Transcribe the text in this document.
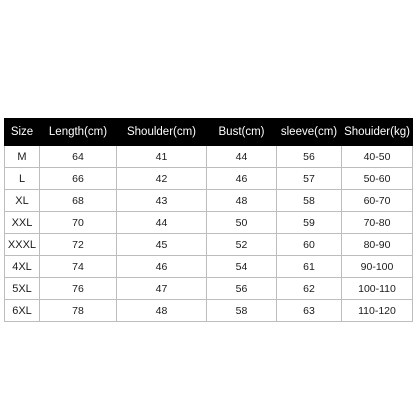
Size	Length(cm)	Shoulder(cm)	Bust(cm)	sleeve(cm)	Shouider(kg)
M	64	41	44	56	40-50
L	66	42	46	57	50-60
XL	68	43	48	58	60-70
XXL	70	44	50	59	70-80
XXXL	72	45	52	60	80-90
4XL	74	46	54	61	90-100
5XL	76	47	56	62	100-110
6XL	78	48	58	63	110-120
